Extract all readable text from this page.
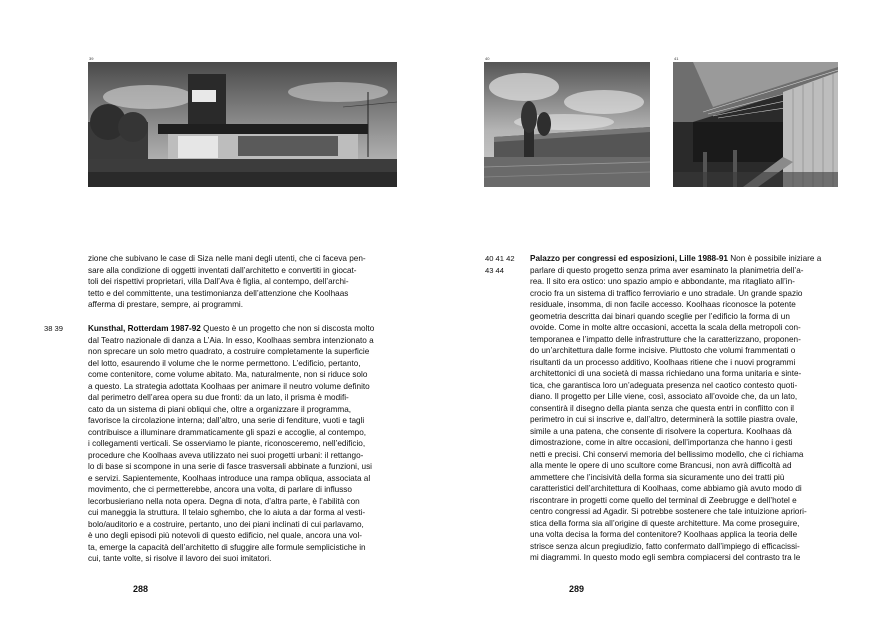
39
zione che subivano le case di Siza nelle mani degli utenti, che ci faceva pen-
sare alla condizione di oggetti inventati dall’architetto e convertiti in giocat-
toli dei rispettivi proprietari, villa Dall’Ava è figlia, al contempo, dell’archi-
tetto e del committente, una testimonianza dell’attenzione che Koolhaas
afferma di prestare, sempre, ai programmi.
38 39	Kunsthal, Rotterdam 1987-92 Questo è un progetto che non si discosta molto
dal Teatro nazionale di danza a L’Aia. In esso, Koolhaas sembra intenzionato a
non sprecare un solo metro quadrato, a costruire completamente la superficie
del lotto, esaurendo il volume che le norme permettono. L’edificio, pertanto,
come contenitore, come volume abitato. Ma, naturalmente, non si riduce solo
a questo. La strategia adottata Koolhaas per animare il neutro volume definito
dal perimetro dell’area opera su due fronti: da un lato, il prisma è modifi-
cato da un sistema di piani obliqui che, oltre a organizzare il programma,
favorisce la circolazione interna; dall’altro, una serie di fenditure, vuoti e tagli
contribuisce a illuminare drammaticamente gli spazi e accoglie, al contempo,
i collegamenti verticali. Se osserviamo le piante, riconosceremo, nell’edificio,
procedure che Koolhaas aveva utilizzato nei suoi progetti urbani: il rettango-
lo di base si scompone in una serie di fasce trasversali abbinate a funzioni, usi
e servizi. Sapientemente, Koolhaas introduce una rampa obliqua, associata al
movimento, che ci permetterebbe, ancora una volta, di parlare di influsso
lecorbusieriano nella nota opera. Degna di nota, d’altra parte, è l’abilità con
cui maneggia la struttura. Il telaio sghembo, che lo aiuta a dar forma al vesti-
bolo/auditorio e a costruire, pertanto, uno dei piani inclinati di cui parlavamo,
è uno degli episodi più notevoli di questo edificio, nel quale, ancora una vol-
ta, emerge la capacità dell’architetto di sfuggire alle formule semplicistiche in
cui, tante volte, si risolve il lavoro dei suoi imitatori.
288
40	41
40 41 42
43 44
Palazzo per congressi ed esposizioni, Lille 1988-91 Non è possibile iniziare a
parlare di questo progetto senza prima aver esaminato la planimetria dell’a-
rea. Il sito era ostico: uno spazio ampio e abbondante, ma ritagliato all’in-
crocio fra un sistema di traffico ferroviario e uno stradale. Un grande spazio
residuale, insomma, di non facile accesso. Koolhaas riconosce la potente
geometria descritta dai binari quando sceglie per l’edificio la forma di un
ovoide. Come in molte altre occasioni, accetta la scala della metropoli con-
temporanea e l’impatto delle infrastrutture che la caratterizzano, proponen-
do un’architettura dalle forme incisive. Piuttosto che volumi frammentati o
risultanti da un processo additivo, Koolhaas ritiene che i nuovi programmi
architettonici di una società di massa richiedano una forma unitaria e sinte-
tica, che garantisca loro un’adeguata presenza nel caotico contesto quoti-
diano. Il progetto per Lille viene, così, associato all’ovoide che, da un lato,
consentirà il disegno della pianta senza che questa entri in conflitto con il
perimetro in cui si inscrive e, dall’altro, determinerà la sottile piastra ovale,
simile a una patena, che consente di risolvere la copertura. Koolhaas dà
dimostrazione, come in altre occasioni, dell’importanza che hanno i gesti
netti e precisi. Chi conservi memoria del bellissimo modello, che ci richiama
alla mente le opere di uno scultore come Brancusi, non avrà difficoltà ad
ammettere che l’incisività della forma sia sicuramente uno dei tratti più
caratteristici dell’architettura di Koolhaas, come abbiamo già avuto modo di
riscontrare in progetti come quello del terminal di Zeebrugge e dell’hotel e
centro congressi ad Agadir. Si potrebbe sostenere che tale intuizione apriori-
stica della forma sia all’origine di queste architetture. Ma come proseguire,
una volta decisa la forma del contenitore? Koolhaas applica la teoria delle
strisce senza alcun pregiudizio, fatto confermato dall’impiego di efficacissi-
mi diagrammi. In questo modo egli sembra compiacersi del contrasto tra le
289
